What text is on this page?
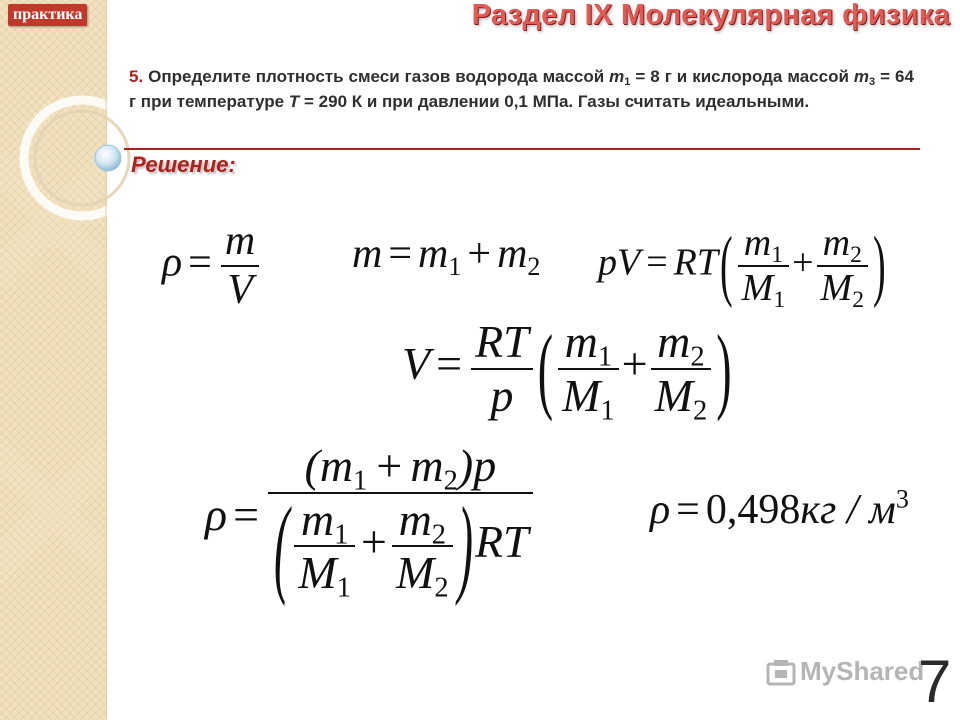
практика	Раздел IX Молекулярная физика
5. Определите плотность смеси газов водорода массой $m_1 = 8$ г и кислорода массой $m_3 = 64$ г при температуре T = 290 К и при давлении 0,1 МПа. Газы считать идеальными.
Решение:
$\rho = \frac{m}{V}$ $m = m_1 + m_2$ pV = $RT( \frac{m_1}{M_1} + \frac{m_2}{M_2}$ )
$V = \frac{RT}{p}$ ( $\frac{m_1}{M_1} + \frac{m_2}{M_2}$ )
$\rho = \frac{(m_1 + m_2)p}{( \frac{m_1}{M_1} + \frac{m_2}{M_2} )RT}$	$\rho = 0,498кг / м^3$
MyShared
7
